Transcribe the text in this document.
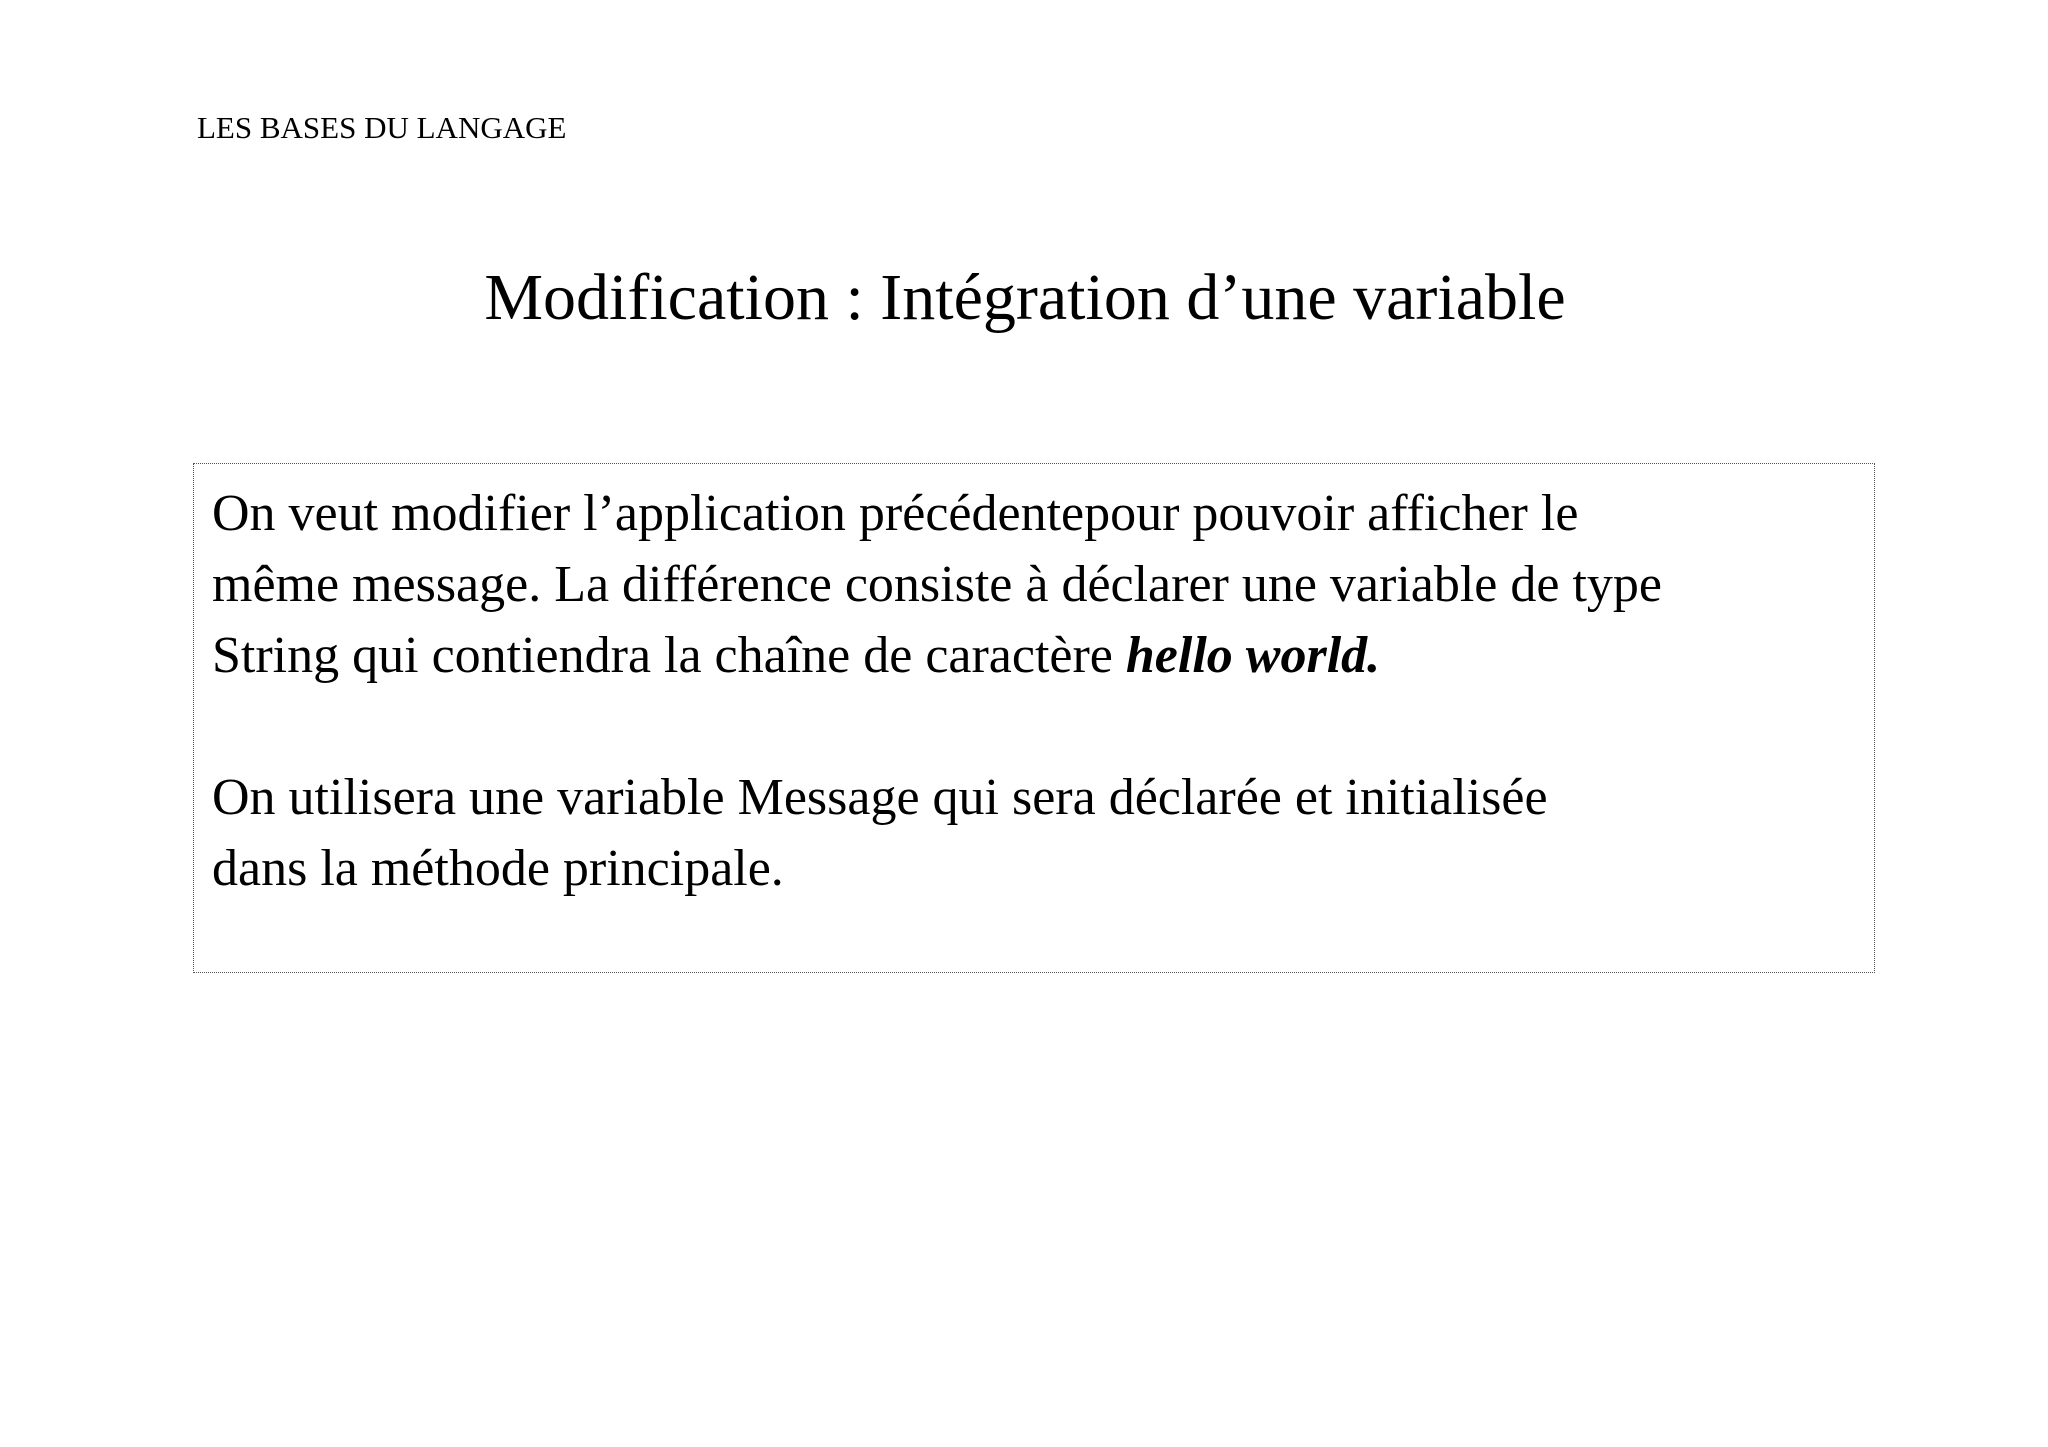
LES BASES DU LANGAGE
Modification : Intégration d’une variable
On veut modifier l’application précédentepour pouvoir afficher le
même message. La différence consiste à déclarer une variable de type
String qui contiendra la chaîne de caractère hello world.
On utilisera une variable Message qui sera déclarée et initialisée
dans la méthode principale.
